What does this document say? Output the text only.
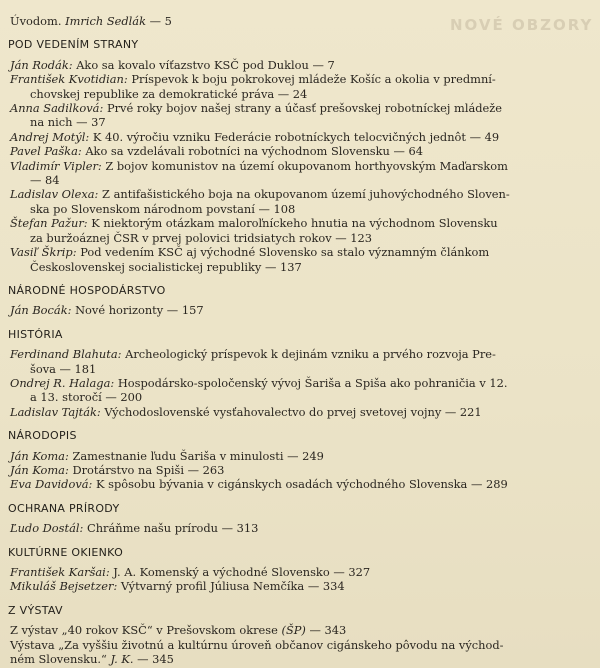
NOVÉ OBZORY
Úvodom. Imrich Sedlák — 5
POD VEDENÍM STRANY
Ján Rodák: Ako sa kovalo víťazstvo KSČ pod Duklou — 7
František Kvotidian: Príspevok k boju pokrokovej mládeže Košíc a okolia v predmní-
chovskej republike za demokratické práva — 24
Anna Sadilková: Prvé roky bojov našej strany a účasť prešovskej robotníckej mládeže
na nich — 37
Andrej Motýl: K 40. výročiu vzniku Federácie robotníckych telocvičných jednôt — 49
Pavel Paška: Ako sa vzdelávali robotníci na východnom Slovensku — 64
Vladimír Vipler: Z bojov komunistov na území okupovanom horthyovským Maďarskom
— 84
Ladislav Olexa: Z antifašistického boja na okupovanom území juhovýchodného Sloven-
ska po Slovenskom národnom povstaní — 108
Štefan Pažur: K niektorým otázkam maloroľníckeho hnutia na východnom Slovensku
za buržoáznej ČSR v prvej polovici tridsiatych rokov — 123
Vasiľ Škrip: Pod vedením KSČ aj východné Slovensko sa stalo významným článkom
Československej socialistickej republiky — 137
NÁRODNÉ HOSPODÁRSTVO
Ján Bocák: Nové horizonty — 157
HISTÓRIA
Ferdinand Blahuta: Archeologický príspevok k dejinám vzniku a prvého rozvoja Pre-
šova — 181
Ondrej R. Halaga: Hospodársko-spoločenský vývoj Šariša a Spiša ako pohraničia v 12.
a 13. storočí — 200
Ladislav Tajták: Východoslovenské vysťahovalectvo do prvej svetovej vojny — 221
NÁRODOPIS
Ján Koma: Zamestnanie ľudu Šariša v minulosti — 249
Ján Koma: Drotárstvo na Spiši — 263
Eva Davidová: K spôsobu bývania v cigánskych osadách východného Slovenska — 289
OCHRANA PRÍRODY
Ľudo Dostál: Chráňme našu prírodu — 313
KULTÚRNE OKIENKO
František Karšai: J. A. Komenský a východné Slovensko — 327
Mikuláš Bejsetzer: Výtvarný profil Júliusa Nemčíka — 334
Z VÝSTAV
Z výstav „40 rokov KSČ“ v Prešovskom okrese (ŠP) — 343
Výstava „Za vyššiu životnú a kultúrnu úroveň občanov cigánskeho pôvodu na východ-
ném Slovensku.“ J. K. — 345
